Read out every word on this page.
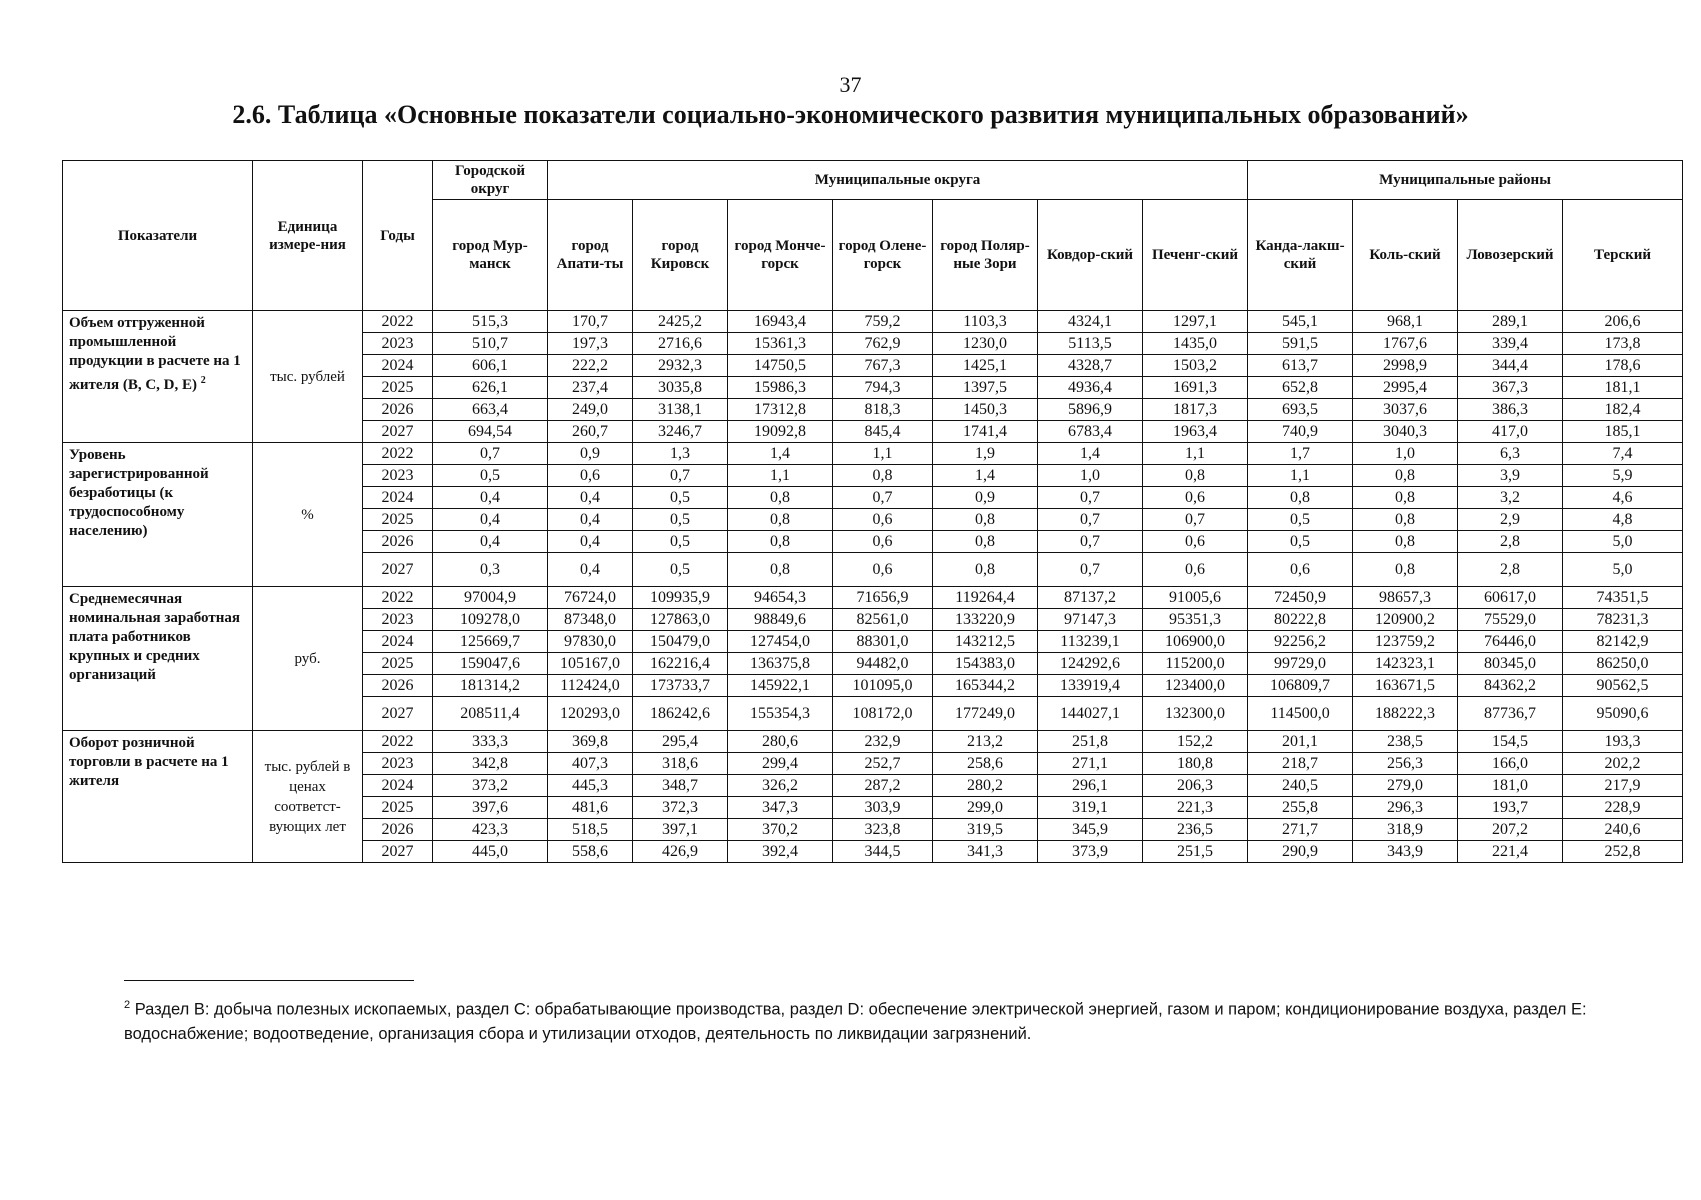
37
2.6. Таблица «Основные показатели социально-экономического развития муниципальных образований»
Показатели	Единица измере-ния	Годы	Городской округ	Муниципальные округа							Муниципальные районы			
			город Мур-манск	город Апати-ты	город Кировск	город Монче-горск	город Олене-горск	город Поляр-ные Зори	Ковдор-ский	Печенг-ский	Канда-лакш-ский	Коль-ский	Ловозерский	Терский
Объем отгруженной промышленной продукции в расчете на 1 жителя (B, C, D, E) $^2$	тыс. рублей	2022	515,3	170,7	2425,2	16943,4	759,2	1103,3	4324,1	1297,1	545,1	968,1	289,1	206,6
		2023	510,7	197,3	2716,6	15361,3	762,9	1230,0	5113,5	1435,0	591,5	1767,6	339,4	173,8
		2024	606,1	222,2	2932,3	14750,5	767,3	1425,1	4328,7	1503,2	613,7	2998,9	344,4	178,6
		2025	626,1	237,4	3035,8	15986,3	794,3	1397,5	4936,4	1691,3	652,8	2995,4	367,3	181,1
		2026	663,4	249,0	3138,1	17312,8	818,3	1450,3	5896,9	1817,3	693,5	3037,6	386,3	182,4
		2027	694,54	260,7	3246,7	19092,8	845,4	1741,4	6783,4	1963,4	740,9	3040,3	417,0	185,1
Уровень зарегистрированной безработицы (к трудоспособному населению)	%	2022	0,7	0,9	1,3	1,4	1,1	1,9	1,4	1,1	1,7	1,0	6,3	7,4
		2023	0,5	0,6	0,7	1,1	0,8	1,4	1,0	0,8	1,1	0,8	3,9	5,9
		2024	0,4	0,4	0,5	0,8	0,7	0,9	0,7	0,6	0,8	0,8	3,2	4,6
		2025	0,4	0,4	0,5	0,8	0,6	0,8	0,7	0,7	0,5	0,8	2,9	4,8
		2026	0,4	0,4	0,5	0,8	0,6	0,8	0,7	0,6	0,5	0,8	2,8	5,0
		2027	0,3	0,4	0,5	0,8	0,6	0,8	0,7	0,6	0,6	0,8	2,8	5,0
Среднемесячная номинальная заработная плата работников крупных и средних организаций	руб.	2022	97004,9	76724,0	109935,9	94654,3	71656,9	119264,4	87137,2	91005,6	72450,9	98657,3	60617,0	74351,5
		2023	109278,0	87348,0	127863,0	98849,6	82561,0	133220,9	97147,3	95351,3	80222,8	120900,2	75529,0	78231,3
		2024	125669,7	97830,0	150479,0	127454,0	88301,0	143212,5	113239,1	106900,0	92256,2	123759,2	76446,0	82142,9
		2025	159047,6	105167,0	162216,4	136375,8	94482,0	154383,0	124292,6	115200,0	99729,0	142323,1	80345,0	86250,0
		2026	181314,2	112424,0	173733,7	145922,1	101095,0	165344,2	133919,4	123400,0	106809,7	163671,5	84362,2	90562,5
		2027	208511,4	120293,0	186242,6	155354,3	108172,0	177249,0	144027,1	132300,0	114500,0	188222,3	87736,7	95090,6
Оборот розничной торговли в расчете на 1 жителя	тыс. рублей в ценах соответст-вующих лет	2022	333,3	369,8	295,4	280,6	232,9	213,2	251,8	152,2	201,1	238,5	154,5	193,3
		2023	342,8	407,3	318,6	299,4	252,7	258,6	271,1	180,8	218,7	256,3	166,0	202,2
		2024	373,2	445,3	348,7	326,2	287,2	280,2	296,1	206,3	240,5	279,0	181,0	217,9
		2025	397,6	481,6	372,3	347,3	303,9	299,0	319,1	221,3	255,8	296,3	193,7	228,9
		2026	423,3	518,5	397,1	370,2	323,8	319,5	345,9	236,5	271,7	318,9	207,2	240,6
		2027	445,0	558,6	426,9	392,4	344,5	341,3	373,9	251,5	290,9	343,9	221,4	252,8
$^2$ Раздел В: добыча полезных ископаемых, раздел С: обрабатывающие производства, раздел D: обеспечение электрической энергией, газом и паром; кондиционирование воздуха, раздел Е: водоснабжение; водоотведение, организация сбора и утилизации отходов, деятельность по ликвидации загрязнений.
